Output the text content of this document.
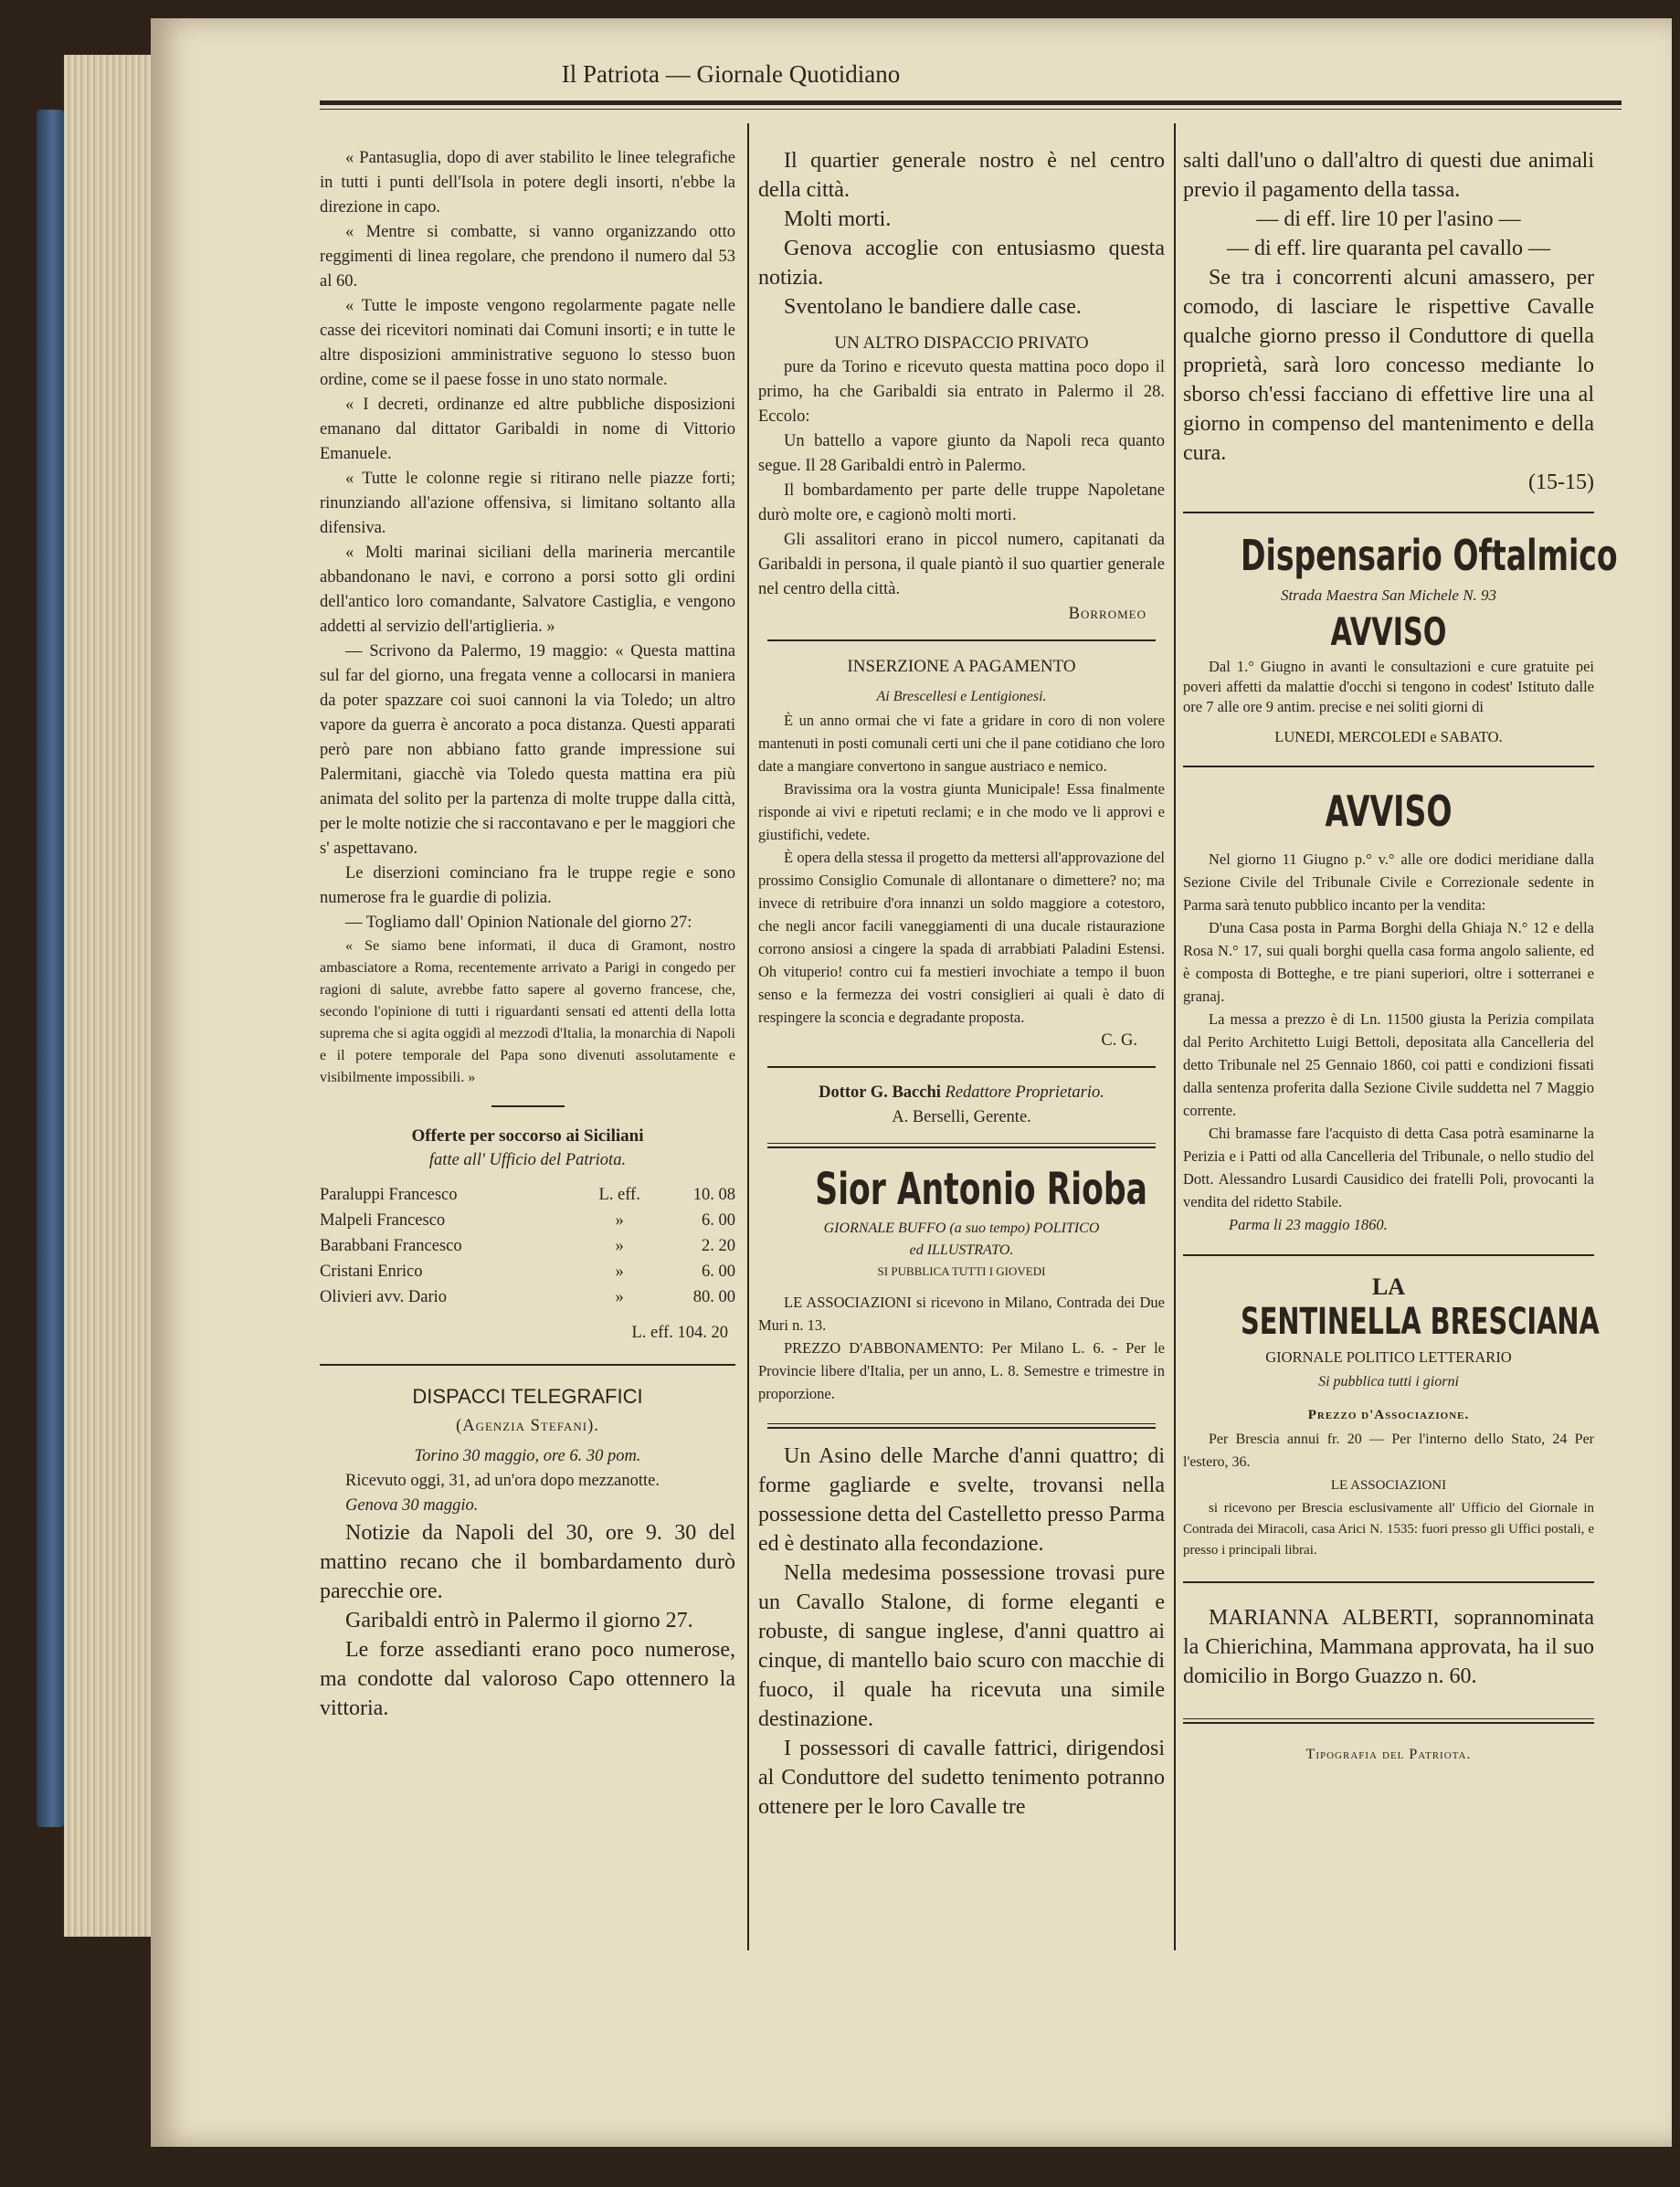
Il Patriota — Giornale Quotidiano

« Pantasuglia, dopo di aver stabilito le linee telegrafiche in tutti i punti dell'Isola in potere degli insorti, n'ebbe la direzione in capo.

« Mentre si combatte, si vanno organizzando otto reggimenti di linea regolare, che prendono il numero dal 53 al 60.

« Tutte le imposte vengono regolarmente pagate nelle casse dei ricevitori nominati dai Comuni insorti; e in tutte le altre disposizioni amministrative seguono lo stesso buon ordine, come se il paese fosse in uno stato normale.

« I decreti, ordinanze ed altre pubbliche disposizioni emanano dal dittator Garibaldi in nome di Vittorio Emanuele.

« Tutte le colonne regie si ritirano nelle piazze forti; rinunziando all'azione offensiva, si limitano soltanto alla difensiva.

« Molti marinai siciliani della marineria mercantile abbandonano le navi, e corrono a porsi sotto gli ordini dell'antico loro comandante, Salvatore Castiglia, e vengono addetti al servizio dell'artiglieria. »

— Scrivono da Palermo, 19 maggio: « Questa mattina sul far del giorno, una fregata venne a collocarsi in maniera da poter spazzare coi suoi cannoni la via Toledo; un altro vapore da guerra è ancorato a poca distanza. Questi apparati però pare non abbiano fatto grande impressione sui Palermitani, giacchè via Toledo questa mattina era più animata del solito per la partenza di molte truppe dalla città, per le molte notizie che si raccontavano e per le maggiori che s' aspettavano.

Le diserzioni cominciano fra le truppe regie e sono numerose fra le guardie di polizia.

— Togliamo dall' Opinion Nationale del giorno 27:

« Se siamo bene informati, il duca di Gramont, nostro ambasciatore a Roma, recentemente arrivato a Parigi in congedo per ragioni di salute, avrebbe fatto sapere al governo francese, che, secondo l'opinione di tutti i riguardanti sensati ed attenti della lotta suprema che si agita oggidì al mezzodì d'Italia, la monarchia di Napoli e il potere temporale del Papa sono divenuti assolutamente e visibilmente impossibili. »

Offerte per soccorso ai Siciliani

fatte all' Ufficio del Patriota.

Paraluppi Francesco	L. eff.	10. 08
Malpeli Francesco	»	6. 00
Barabbani Francesco	»	2. 20
Cristani Enrico	»	6. 00
Olivieri avv. Dario	»	80. 00
L. eff. 104. 20

DISPACCI TELEGRAFICI

(Agenzia Stefani).

Torino 30 maggio, ore 6. 30 pom.

Ricevuto oggi, 31, ad un'ora dopo mezzanotte.

Genova 30 maggio.

Notizie da Napoli del 30, ore 9. 30 del mattino recano che il bombardamento durò parecchie ore.

Garibaldi entrò in Palermo il giorno 27.

Le forze assedianti erano poco numerose, ma condotte dal valoroso Capo ottennero la vittoria.

Il quartier generale nostro è nel centro della città.

Molti morti.

Genova accoglie con entusiasmo questa notizia.

Sventolano le bandiere dalle case.

UN ALTRO DISPACCIO PRIVATO

pure da Torino e ricevuto questa mattina poco dopo il primo, ha che Garibaldi sia entrato in Palermo il 28. Eccolo:

Un battello a vapore giunto da Napoli reca quanto segue. Il 28 Garibaldi entrò in Palermo.

Il bombardamento per parte delle truppe Napoletane durò molte ore, e cagionò molti morti.

Gli assalitori erano in piccol numero, capitanati da Garibaldi in persona, il quale piantò il suo quartier generale nel centro della città.

Borromeo

INSERZIONE A PAGAMENTO

Ai Brescellesi e Lentigionesi.

È un anno ormai che vi fate a gridare in coro di non volere mantenuti in posti comunali certi uni che il pane cotidiano che loro date a mangiare convertono in sangue austriaco e nemico.

Bravissima ora la vostra giunta Municipale! Essa finalmente risponde ai vivi e ripetuti reclami; e in che modo ve li approvi e giustifichi, vedete.

È opera della stessa il progetto da mettersi all'approvazione del prossimo Consiglio Comunale di allontanare o dimettere? no; ma invece di retribuire d'ora innanzi un soldo maggiore a cotestoro, che negli ancor facili vaneggiamenti di una ducale ristaurazione corrono ansiosi a cingere la spada di arrabbiati Paladini Estensi. Oh vituperio! contro cui fa mestieri invochiate a tempo il buon senso e la fermezza dei vostri consiglieri ai quali è dato di respingere la sconcia e degradante proposta.

C. G.

Dottor G. Bacchi Redattore Proprietario.

A. Berselli, Gerente.

Sior Antonio Rioba

GIORNALE BUFFO (a suo tempo) POLITICO

ed ILLUSTRATO.

SI PUBBLICA TUTTI I GIOVEDI

LE ASSOCIAZIONI si ricevono in Milano, Contrada dei Due Muri n. 13.

PREZZO D'ABBONAMENTO: Per Milano L. 6. - Per le Provincie libere d'Italia, per un anno, L. 8. Semestre e trimestre in proporzione.

Un Asino delle Marche d'anni quattro; di forme gagliarde e svelte, trovansi nella possessione detta del Castelletto presso Parma ed è destinato alla fecondazione.

Nella medesima possessione trovasi pure un Cavallo Stalone, di forme eleganti e robuste, di sangue inglese, d'anni quattro ai cinque, di mantello baio scuro con macchie di fuoco, il quale ha ricevuta una simile destinazione.

I possessori di cavalle fattrici, dirigendosi al Conduttore del sudetto tenimento potranno ottenere per le loro Cavalle tre

salti dall'uno o dall'altro di questi due animali previo il pagamento della tassa.

— di eff. lire 10 per l'asino —

— di eff. lire quaranta pel cavallo —

Se tra i concorrenti alcuni amassero, per comodo, di lasciare le rispettive Cavalle qualche giorno presso il Conduttore di quella proprietà, sarà loro concesso mediante lo sborso ch'essi facciano di effettive lire una al giorno in compenso del mantenimento e della cura.

(15-15)

Dispensario Oftalmico

Strada Maestra San Michele N. 93

AVVISO

Dal 1.° Giugno in avanti le consultazioni e cure gratuite pei poveri affetti da malattie d'occhi si tengono in codest' Istituto dalle ore 7 alle ore 9 antim. precise e nei soliti giorni di

LUNEDI, MERCOLEDI e SABATO.

AVVISO

Nel giorno 11 Giugno p.° v.° alle ore dodici meridiane dalla Sezione Civile del Tribunale Civile e Correzionale sedente in Parma sarà tenuto pubblico incanto per la vendita:

D'una Casa posta in Parma Borghi della Ghiaja N.° 12 e della Rosa N.° 17, sui quali borghi quella casa forma angolo saliente, ed è composta di Botteghe, e tre piani superiori, oltre i sotterranei e granaj.

La messa a prezzo è di Ln. 11500 giusta la Perizia compilata dal Perito Architetto Luigi Bettoli, depositata alla Cancelleria del detto Tribunale nel 25 Gennaio 1860, coi patti e condizioni fissati dalla sentenza proferita dalla Sezione Civile suddetta nel 7 Maggio corrente.

Chi bramasse fare l'acquisto di detta Casa potrà esaminarne la Perizia e i Patti od alla Cancelleria del Tribunale, o nello studio del Dott. Alessandro Lusardi Causidico dei fratelli Poli, provocanti la vendita del ridetto Stabile.

Parma li 23 maggio 1860.

LA

SENTINELLA BRESCIANA

GIORNALE POLITICO LETTERARIO

Si pubblica tutti i giorni

Prezzo d'Associazione.

Per Brescia annui fr. 20 — Per l'interno dello Stato, 24 Per l'estero, 36.

LE ASSOCIAZIONI

si ricevono per Brescia esclusivamente all' Ufficio del Giornale in Contrada dei Miracoli, casa Arici N. 1535: fuori presso gli Uffici postali, e presso i principali librai.

MARIANNA ALBERTI, soprannominata la Chierichina, Mammana approvata, ha il suo domicilio in Borgo Guazzo n. 60.

Tipografia del Patriota.
